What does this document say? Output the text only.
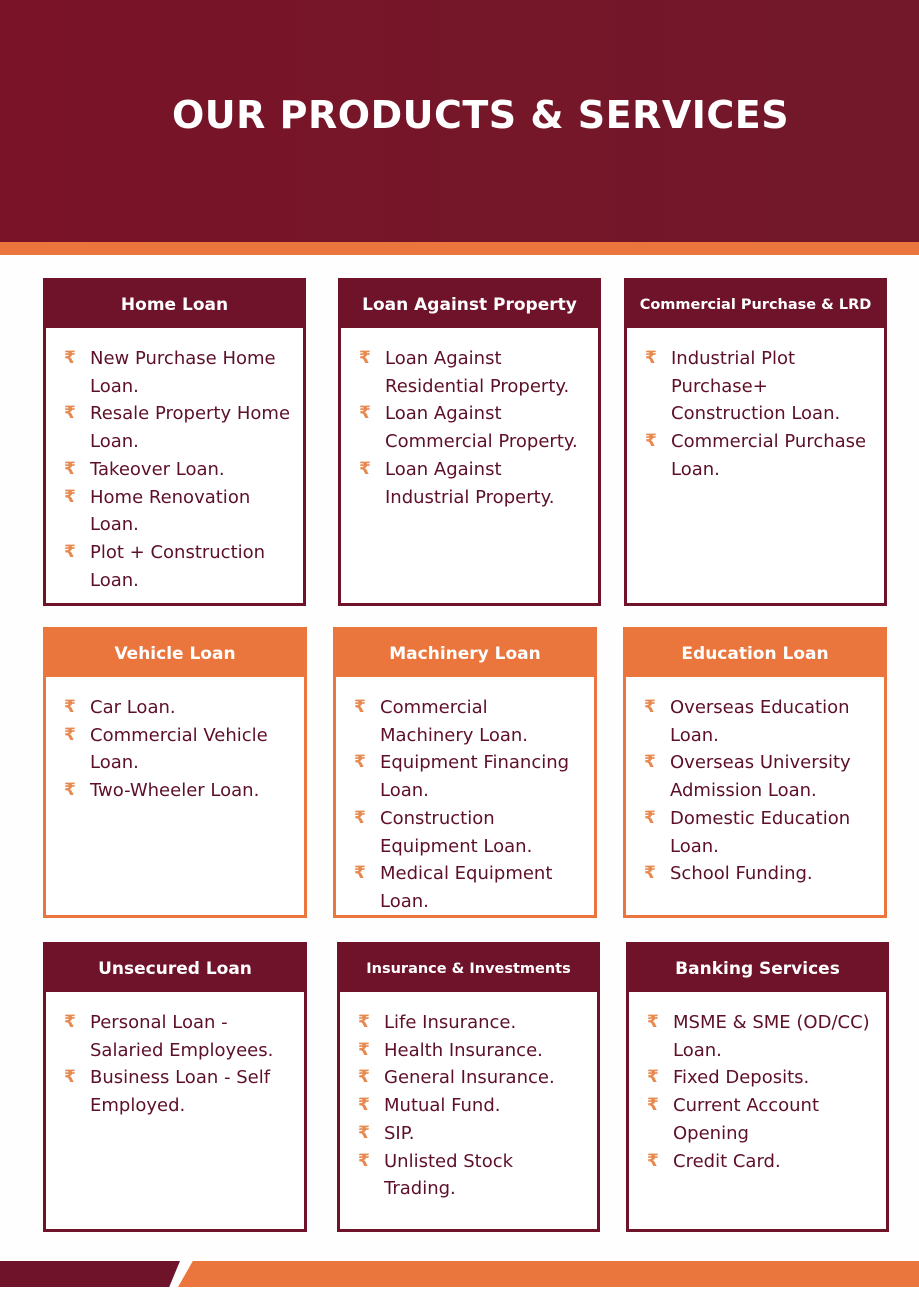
OUR PRODUCTS & SERVICES
Home Loan
₹ New Purchase Home Loan.
₹ Resale Property Home Loan.
₹ Takeover Loan.
₹ Home Renovation Loan.
₹ Plot + Construction Loan.
Loan Against Property
₹ Loan Against Residential Property.
₹ Loan Against Commercial Property.
₹ Loan Against Industrial Property.
Commercial Purchase & LRD
₹ Industrial Plot Purchase+ Construction Loan.
₹ Commercial Purchase Loan.
Vehicle Loan
₹ Car Loan.
₹ Commercial Vehicle Loan.
₹ Two-Wheeler Loan.
Machinery Loan
₹ Commercial Machinery Loan.
₹ Equipment Financing Loan.
₹ Construction Equipment Loan.
₹ Medical Equipment Loan.
Education Loan
₹ Overseas Education Loan.
₹ Overseas University Admission Loan.
₹ Domestic Education Loan.
₹ School Funding.
Unsecured Loan
₹ Personal Loan - Salaried Employees.
₹ Business Loan - Self Employed.
Insurance & Investments
₹ Life Insurance.
₹ Health Insurance.
₹ General Insurance.
₹ Mutual Fund.
₹ SIP.
₹ Unlisted Stock Trading.
Banking Services
₹ MSME & SME (OD/CC) Loan.
₹ Fixed Deposits.
₹ Current Account Opening
₹ Credit Card.
